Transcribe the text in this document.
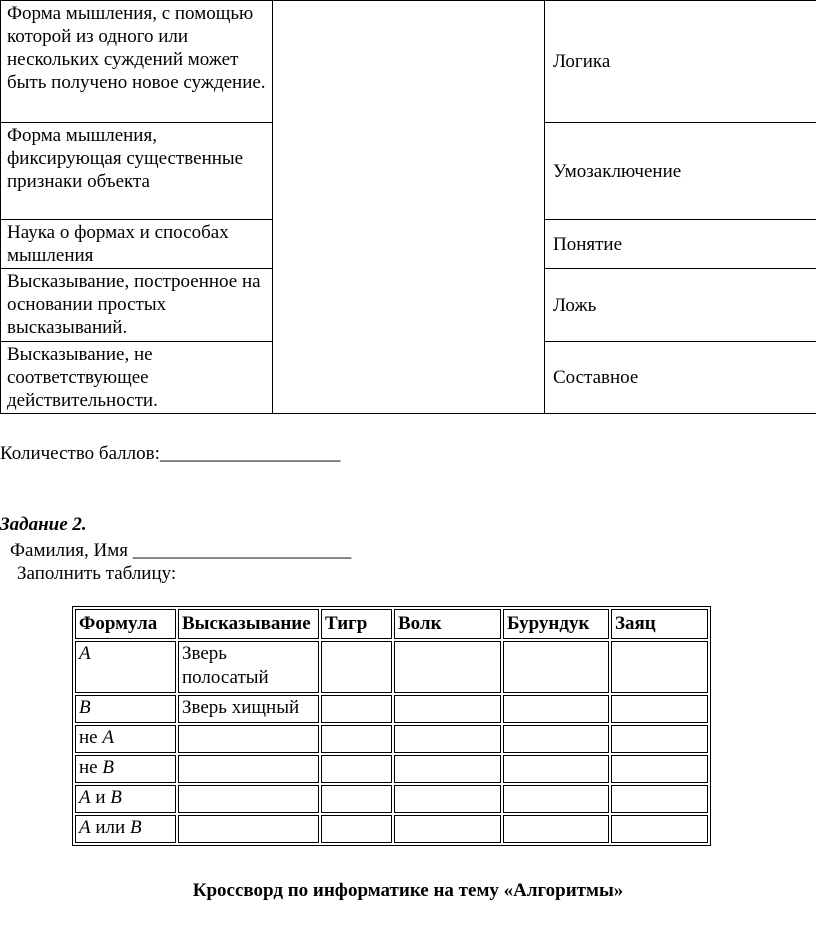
Форма мышления, с помощью которой из одного или нескольких суждений может быть получено новое суждение.		Логика
Форма мышления, фиксирующая существенные признаки объекта		Умозаключение
Наука о формах и способах мышления		Понятие
Высказывание, построенное на основании простых высказываний.		Ложь
Высказывание, не соответствующее действительности.		Составное
Количество баллов:___________________
Задание 2.
Фамилия, Имя _______________________
Заполнить таблицу:
Формула	Высказывание	Тигр	Волк	Бурундук	Заяц
A	Зверь полосатый				
B	Зверь хищный				
не A					
не B					
A и B					
A или B					
Кроссворд по информатике на тему «Алгоритмы»
